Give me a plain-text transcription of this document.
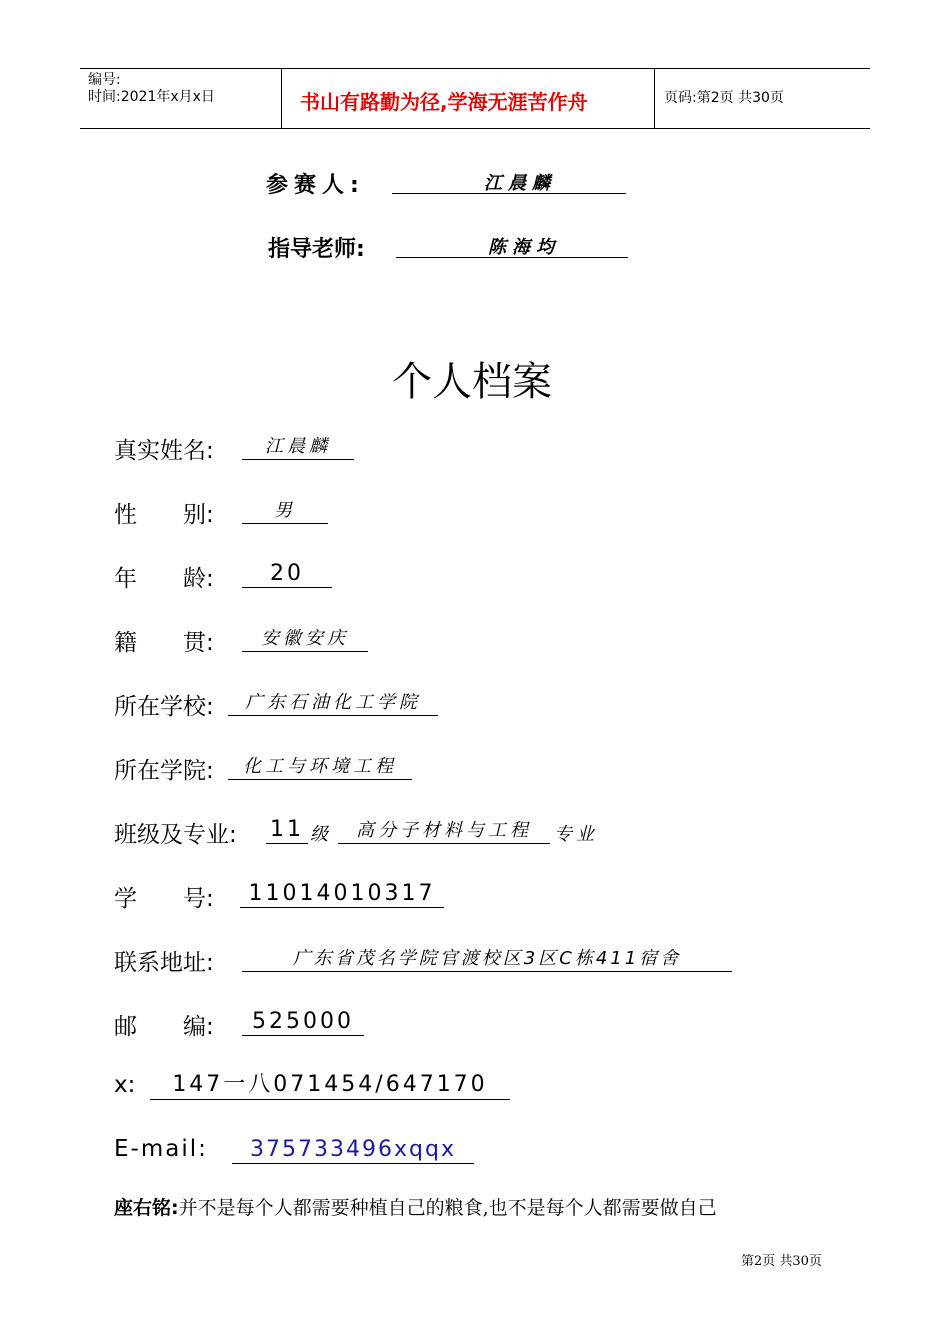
编号:
时间:2021年x月x日	书山有路勤为径,学海无涯苦作舟	页码:第2页 共30页
参赛人:	江晨麟
指导老师:	陈海均
个人档案
真实姓名:	江晨麟
性　　别:	男
年　　龄:	20
籍　　贯:	安徽安庆
所在学校:	广东石油化工学院
所在学院:	化工与环境工程
班级及专业: 11 级	高分子材料与工程	专业
学　　号:	11014010317
联系地址:	广东省茂名学院官渡校区3区C栋411宿舍
邮　　编:	525000
x:	147一八071454/647170
E-mail:	375733496xqqx
座右铭:并不是每个人都需要种植自己的粮食,也不是每个人都需要做自己
第2页 共30页
